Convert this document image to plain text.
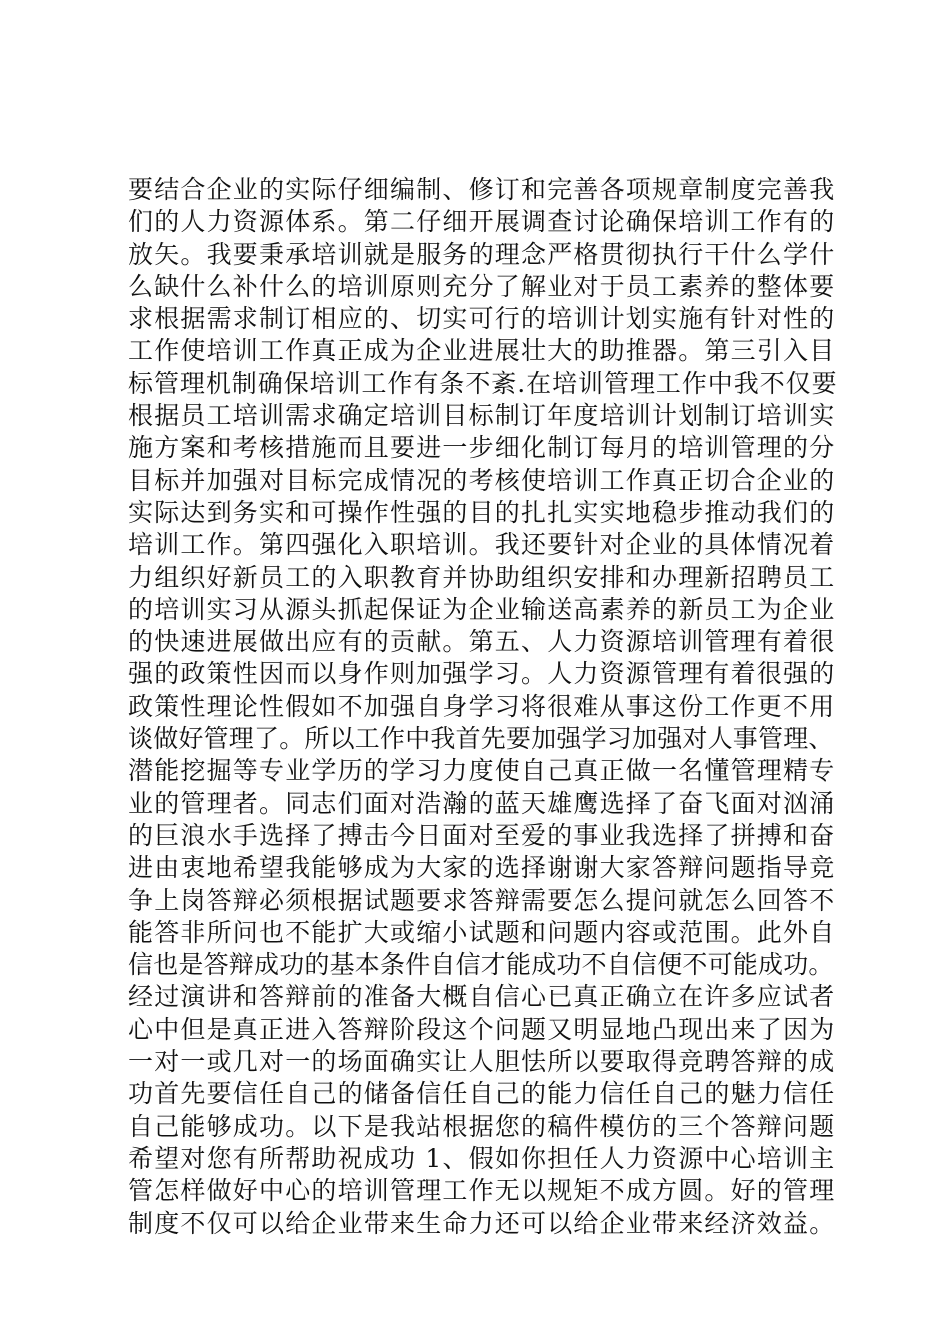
要结合企业的实际仔细编制、修订和完善各项规章制度完善我
们的人力资源体系。第二仔细开展调查讨论确保培训工作有的
放矢。我要秉承培训就是服务的理念严格贯彻执行干什么学什
么缺什么补什么的培训原则充分了解业对于员工素养的整体要
求根据需求制订相应的、切实可行的培训计划实施有针对性的
工作使培训工作真正成为企业进展壮大的助推器。第三引入目
标管理机制确保培训工作有条不紊.在培训管理工作中我不仅要
根据员工培训需求确定培训目标制订年度培训计划制订培训实
施方案和考核措施而且要进一步细化制订每月的培训管理的分
目标并加强对目标完成情况的考核使培训工作真正切合企业的
实际达到务实和可操作性强的目的扎扎实实地稳步推动我们的
培训工作。第四强化入职培训。我还要针对企业的具体情况着
力组织好新员工的入职教育并协助组织安排和办理新招聘员工
的培训实习从源头抓起保证为企业输送高素养的新员工为企业
的快速进展做出应有的贡献。第五、人力资源培训管理有着很
强的政策性因而以身作则加强学习。人力资源管理有着很强的
政策性理论性假如不加强自身学习将很难从事这份工作更不用
谈做好管理了。所以工作中我首先要加强学习加强对人事管理、
潜能挖掘等专业学历的学习力度使自己真正做一名懂管理精专
业的管理者。同志们面对浩瀚的蓝天雄鹰选择了奋飞面对汹涌
的巨浪水手选择了搏击今日面对至爱的事业我选择了拼搏和奋
进由衷地希望我能够成为大家的选择谢谢大家答辩问题指导竞
争上岗答辩必须根据试题要求答辩需要怎么提问就怎么回答不
能答非所问也不能扩大或缩小试题和问题内容或范围。此外自
信也是答辩成功的基本条件自信才能成功不自信便不可能成功。
经过演讲和答辩前的准备大概自信心已真正确立在许多应试者
心中但是真正进入答辩阶段这个问题又明显地凸现出来了因为
一对一或几对一的场面确实让人胆怯所以要取得竞聘答辩的成
功首先要信任自己的储备信任自己的能力信任自己的魅力信任
自己能够成功。以下是我站根据您的稿件模仿的三个答辩问题
希望对您有所帮助祝成功 1、假如你担任人力资源中心培训主
管怎样做好中心的培训管理工作无以规矩不成方圆。好的管理
制度不仅可以给企业带来生命力还可以给企业带来经济效益。
